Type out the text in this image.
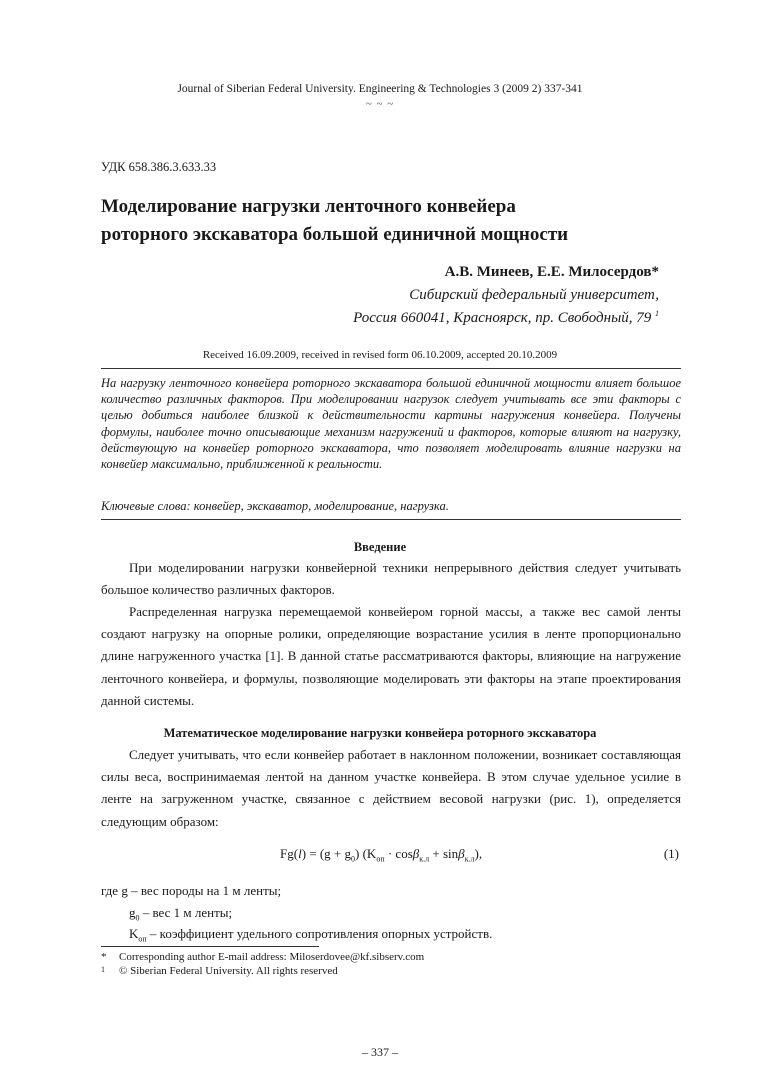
Journal of Siberian Federal University. Engineering & Technologies 3 (2009 2) 337-341
~ ~ ~
УДК 658.386.3.633.33
Моделирование нагрузки ленточного конвейера
роторного экскаватора большой единичной мощности
А.В. Минеев, Е.Е. Милосердов*
Сибирский федеральный университет,
Россия 660041, Красноярск, пр. Свободный, 79 $^1$
Received 16.09.2009, received in revised form 06.10.2009, accepted 20.10.2009
На нагрузку ленточного конвейера роторного экскаватора большой единичной мощности влияет большое количество различных факторов. При моделировании нагрузок следует учитывать все эти факторы с целью добиться наиболее близкой к действительности картины нагружения конвейера. Получены формулы, наиболее точно описывающие механизм нагружений и факторов, которые влияют на нагрузку, действующую на конвейер роторного экскаватора, что позволяет моделировать влияние нагрузки на конвейер максимально, приближенной к реальности.
Ключевые слова: конвейер, экскаватор, моделирование, нагрузка.
Введение
При моделировании нагрузки конвейерной техники непрерывного действия следует учитывать большое количество различных факторов.
Распределенная нагрузка перемещаемой конвейером горной массы, а также вес самой ленты создают нагрузку на опорные ролики, определяющие возрастание усилия в ленте пропорционально длине нагруженного участка [1]. В данной статье рассматриваются факторы, влияющие на нагружение ленточного конвейера, и формулы, позволяющие моделировать эти факторы на этапе проектирования данной системы.
Математическое моделирование нагрузки конвейера роторного экскаватора
Следует учитывать, что если конвейер работает в наклонном положении, возникает составляющая силы веса, воспринимаемая лентой на данном участке конвейера. В этом случае удельное усилие в ленте на загруженном участке, связанное с действием весовой нагрузки (рис. 1), определяется следующим образом:
$Fg(l) = (g + g_0)$ $(K_{оп} \cdot \cos\beta_{к.л} + \sin\beta_{к.л})$,	(1)
где g – вес породы на 1 м ленты;
$g_0$ – вес 1 м ленты;
$K_{оп}$ – коэффициент удельного сопротивления опорных устройств.
* Corresponding author E-mail address: Miloserdovee@kf.sibserv.com
1 © Siberian Federal University. All rights reserved
– 337 –
